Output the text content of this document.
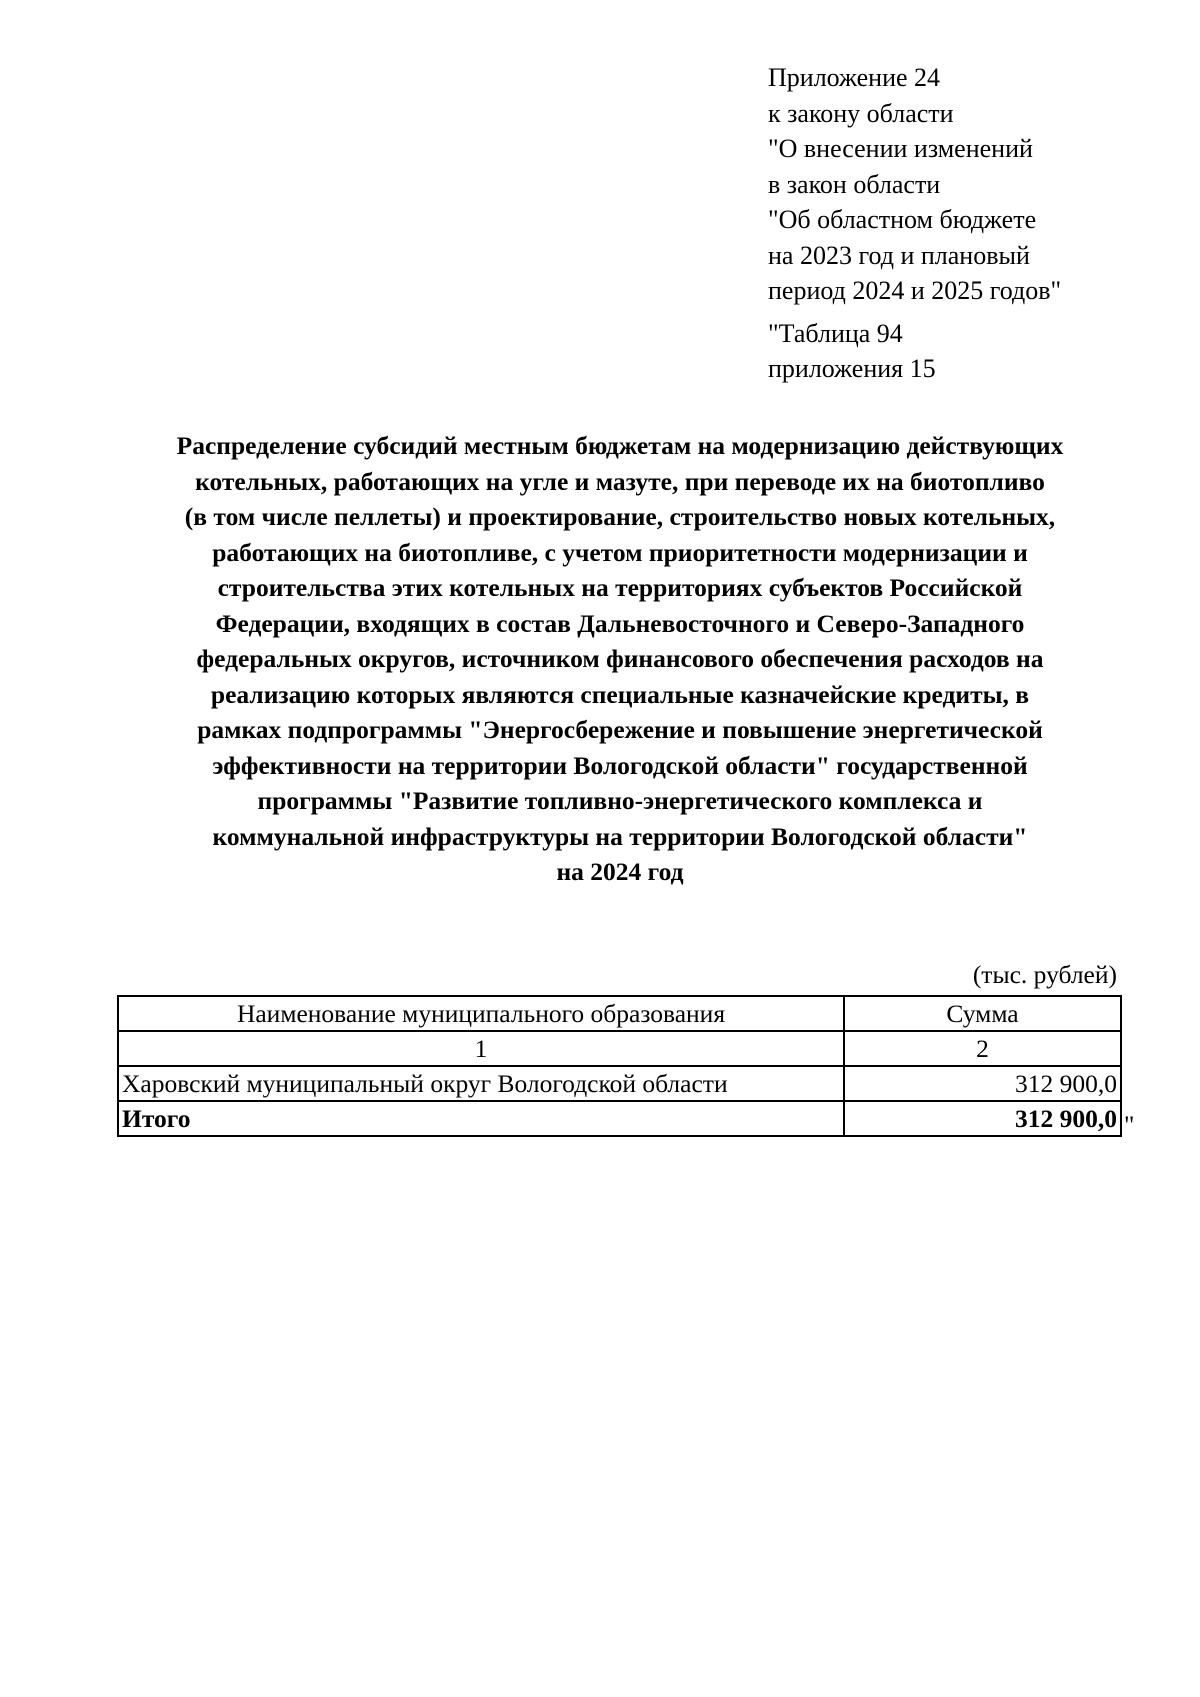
Приложение 24
к закону области
"О внесении изменений
в закон области
"Об областном бюджете
на 2023 год и плановый
период 2024 и 2025 годов"
"Таблица 94
приложения 15
Распределение субсидий местным бюджетам на модернизацию действующих
котельных, работающих на угле и мазуте, при переводе их на биотопливо
(в том числе пеллеты) и проектирование, строительство новых котельных,
работающих на биотопливе, с учетом приоритетности модернизации и
строительства этих котельных на территориях субъектов Российской
Федерации, входящих в состав Дальневосточного и Северо-Западного
федеральных округов, источником финансового обеспечения расходов на
реализацию которых являются специальные казначейские кредиты, в
рамках подпрограммы "Энергосбережение и повышение энергетической
эффективности на территории Вологодской области" государственной
программы "Развитие топливно-энергетического комплекса и
коммунальной инфраструктуры на территории Вологодской области"
на 2024 год
(тыс. рублей)
Наименование муниципального образования	Сумма
1	2
Харовский муниципальный округ Вологодской области	312 900,0
Итого	312 900,0 "
